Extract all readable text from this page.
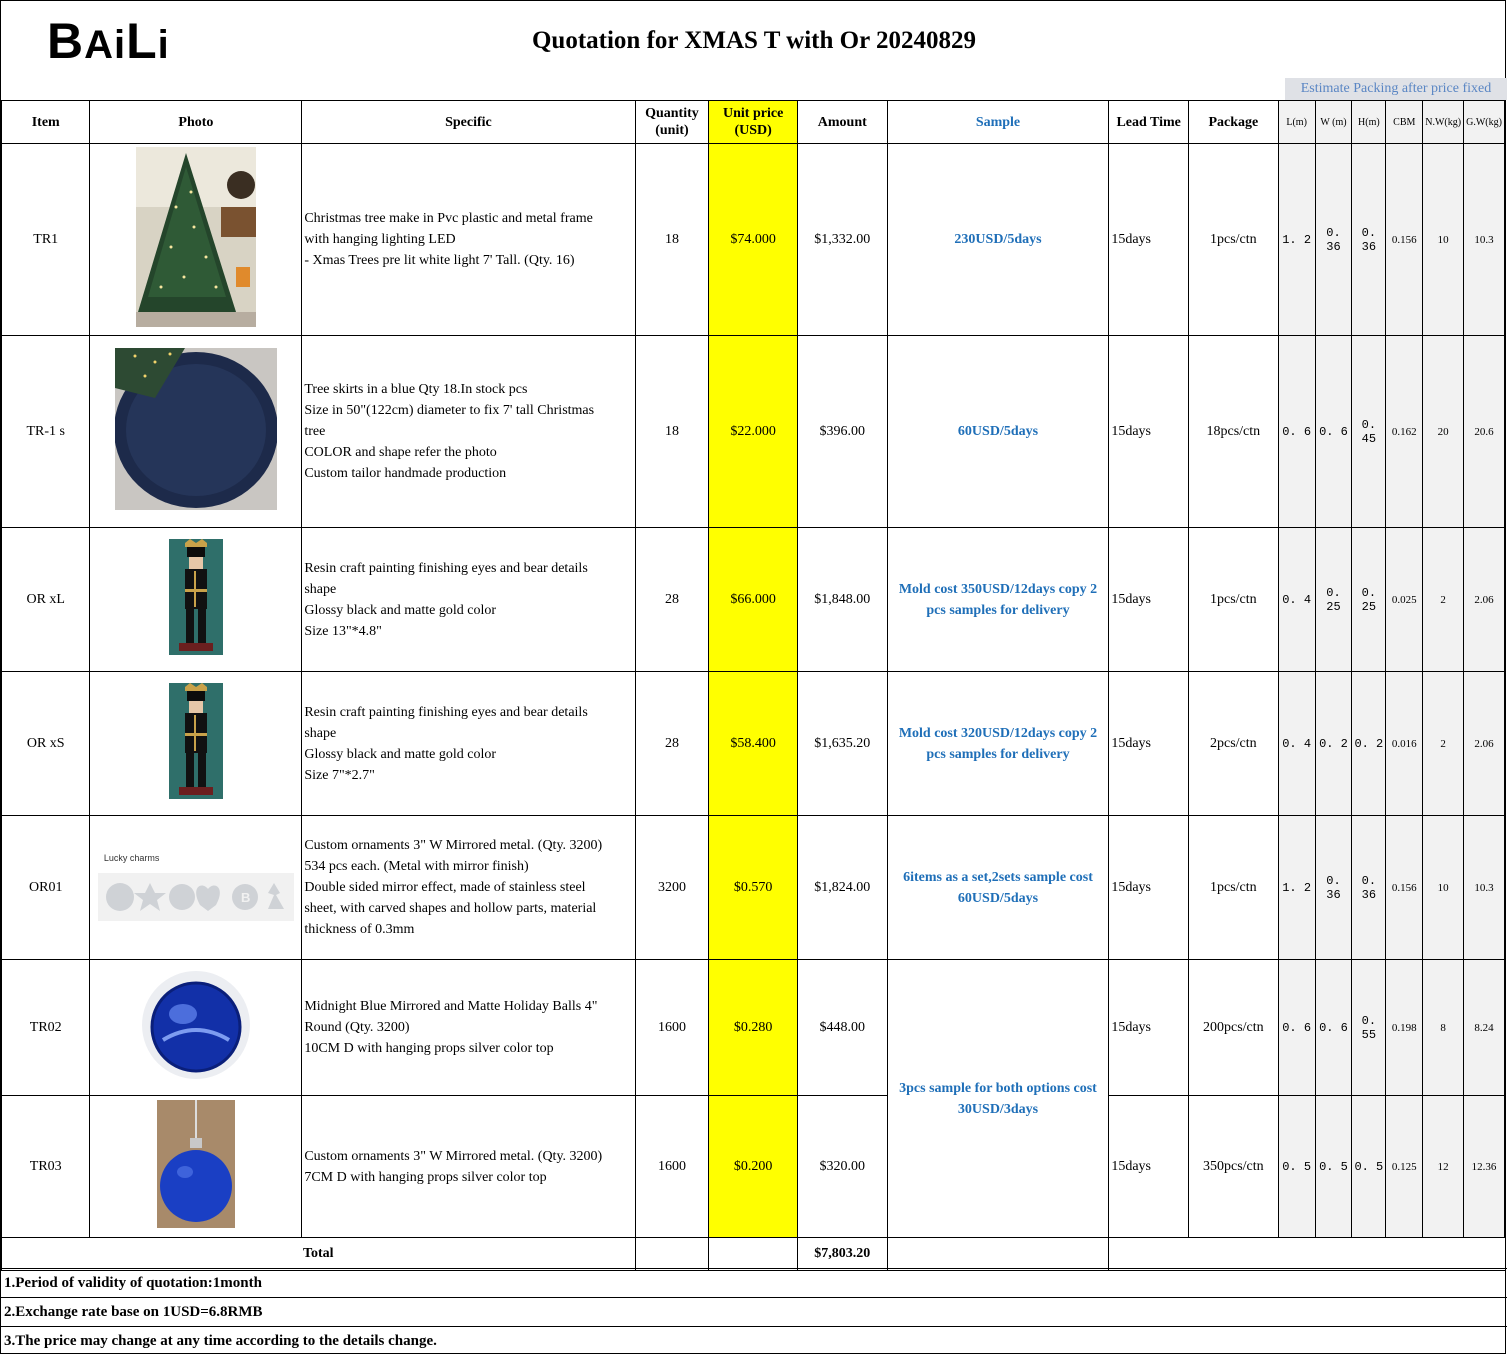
BAiLi	Quotation for XMAS T with Or 20240829
Estimate Packing after price fixed
Item	Photo	Specific	Quantity (unit)	Unit price (USD)	Amount	Sample	Lead Time	Package	L(m)	W (m)	H(m)	CBM	N.W(kg)	G.W(kg)
TR1		Christmas tree make in Pvc plastic and metal frame
with hanging lighting LED
- Xmas Trees pre lit white light 7' Tall. (Qty. 16)	18	$74.000	$1,332.00	230USD/5days	15days	1pcs/ctn	1. 2	0. 36	0. 36	0.156	10	10.3
TR-1 s		Tree skirts in a blue Qty 18.In stock pcs
Size in 50"(122cm) diameter to fix 7' tall Christmas
tree
COLOR and shape refer the photo
Custom tailor handmade production	18	$22.000	$396.00	60USD/5days	15days	18pcs/ctn	0. 6	0. 6	0. 45	0.162	20	20.6
OR xL		Resin craft painting finishing eyes and bear details
shape
Glossy black and matte gold color
Size 13"*4.8"	28	$66.000	$1,848.00	Mold cost 350USD/12days copy 2 pcs samples for delivery	15days	1pcs/ctn	0. 4	0. 25	0. 25	0.025	2	2.06
OR xS		Resin craft painting finishing eyes and bear details
shape
Glossy black and matte gold color
Size 7"*2.7"	28	$58.400	$1,635.20	Mold cost 320USD/12days copy 2 pcs samples for delivery	15days	2pcs/ctn	0. 4	0. 2	0. 2	0.016	2	2.06
OR01	Lucky charms
B	Custom ornaments 3" W Mirrored metal. (Qty. 3200)
534 pcs each. (Metal with mirror finish)
Double sided mirror effect, made of stainless steel
sheet, with carved shapes and hollow parts, material
thickness of 0.3mm	3200	$0.570	$1,824.00	6items as a set,2sets sample cost 60USD/5days	15days	1pcs/ctn	1. 2	0. 36	0. 36	0.156	10	10.3
TR02		Midnight Blue Mirrored and Matte Holiday Balls 4"
Round (Qty. 3200)
10CM D with hanging props silver color top	1600	$0.280	$448.00	3pcs sample for both options cost 30USD/3days	15days	200pcs/ctn	0. 6	0. 6	0. 55	0.198	8	8.24
TR03		Custom ornaments 3" W Mirrored metal. (Qty. 3200)
7CM D with hanging props silver color top	1600	$0.200	$320.00		15days	350pcs/ctn	0. 5	0. 5	0. 5	0.125	12	12.36
Total					$7,803.20									
1.Period of validity of quotation:1month
2.Exchange rate base on 1USD=6.8RMB
3.The price may change at any time according to the details change.
